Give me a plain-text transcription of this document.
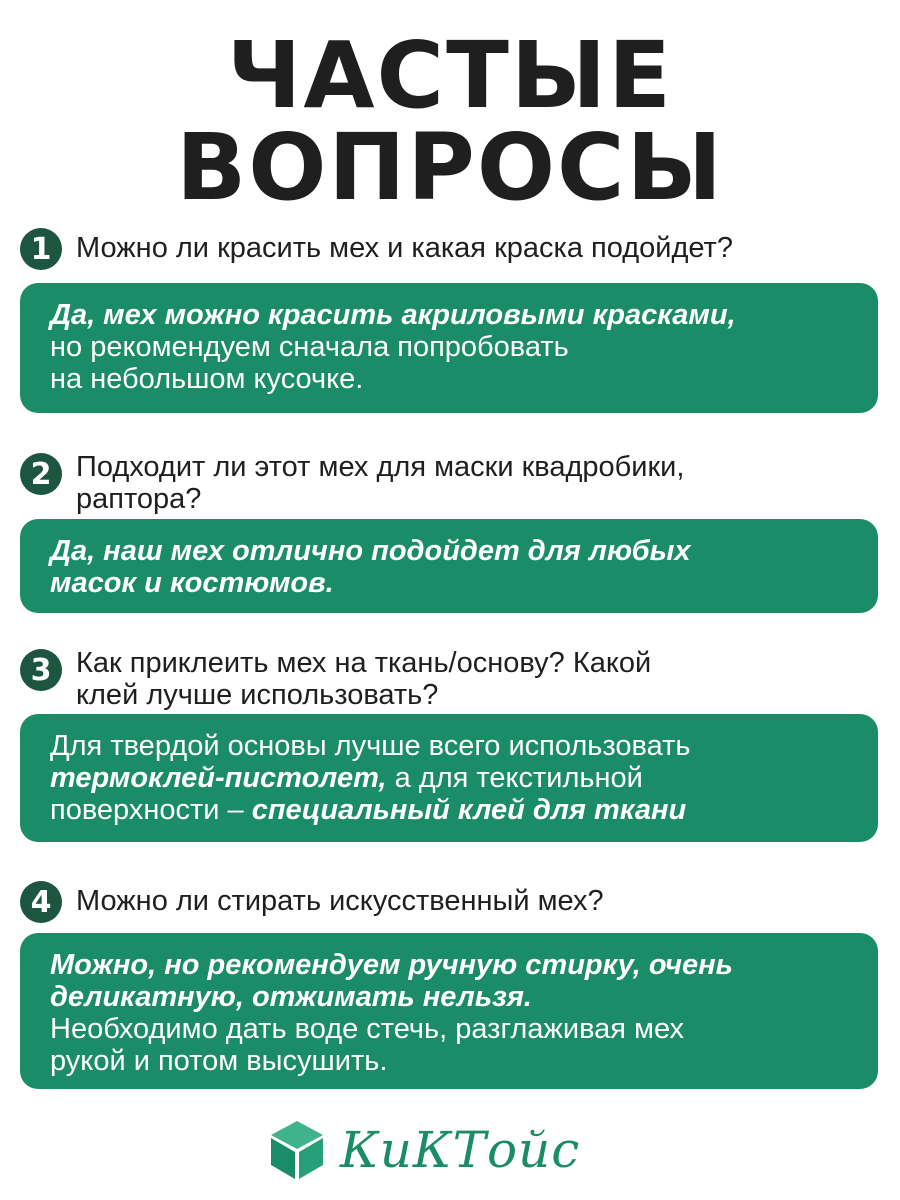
ЧАСТЫЕ
ВОПРОСЫ
1 Можно ли красить мех и какая краска подойдет?
Да, мех можно красить акриловыми красками,
но рекомендуем сначала попробовать
на небольшом кусочке.
2 Подходит ли этот мех для маски квадробики,
раптора?
Да, наш мех отлично подойдет для любых
масок и костюмов.
3 Как приклеить мех на ткань/основу? Какой
клей лучше использовать?
Для твердой основы лучше всего использовать
термоклей-пистолет, а для текстильной
поверхности – специальный клей для ткани
4 Можно ли стирать искусственный мех?
Можно, но рекомендуем ручную стирку, очень
деликатную, отжимать нельзя.
Необходимо дать воде стечь, разглаживая мех
рукой и потом высушить.
КиКТойс
